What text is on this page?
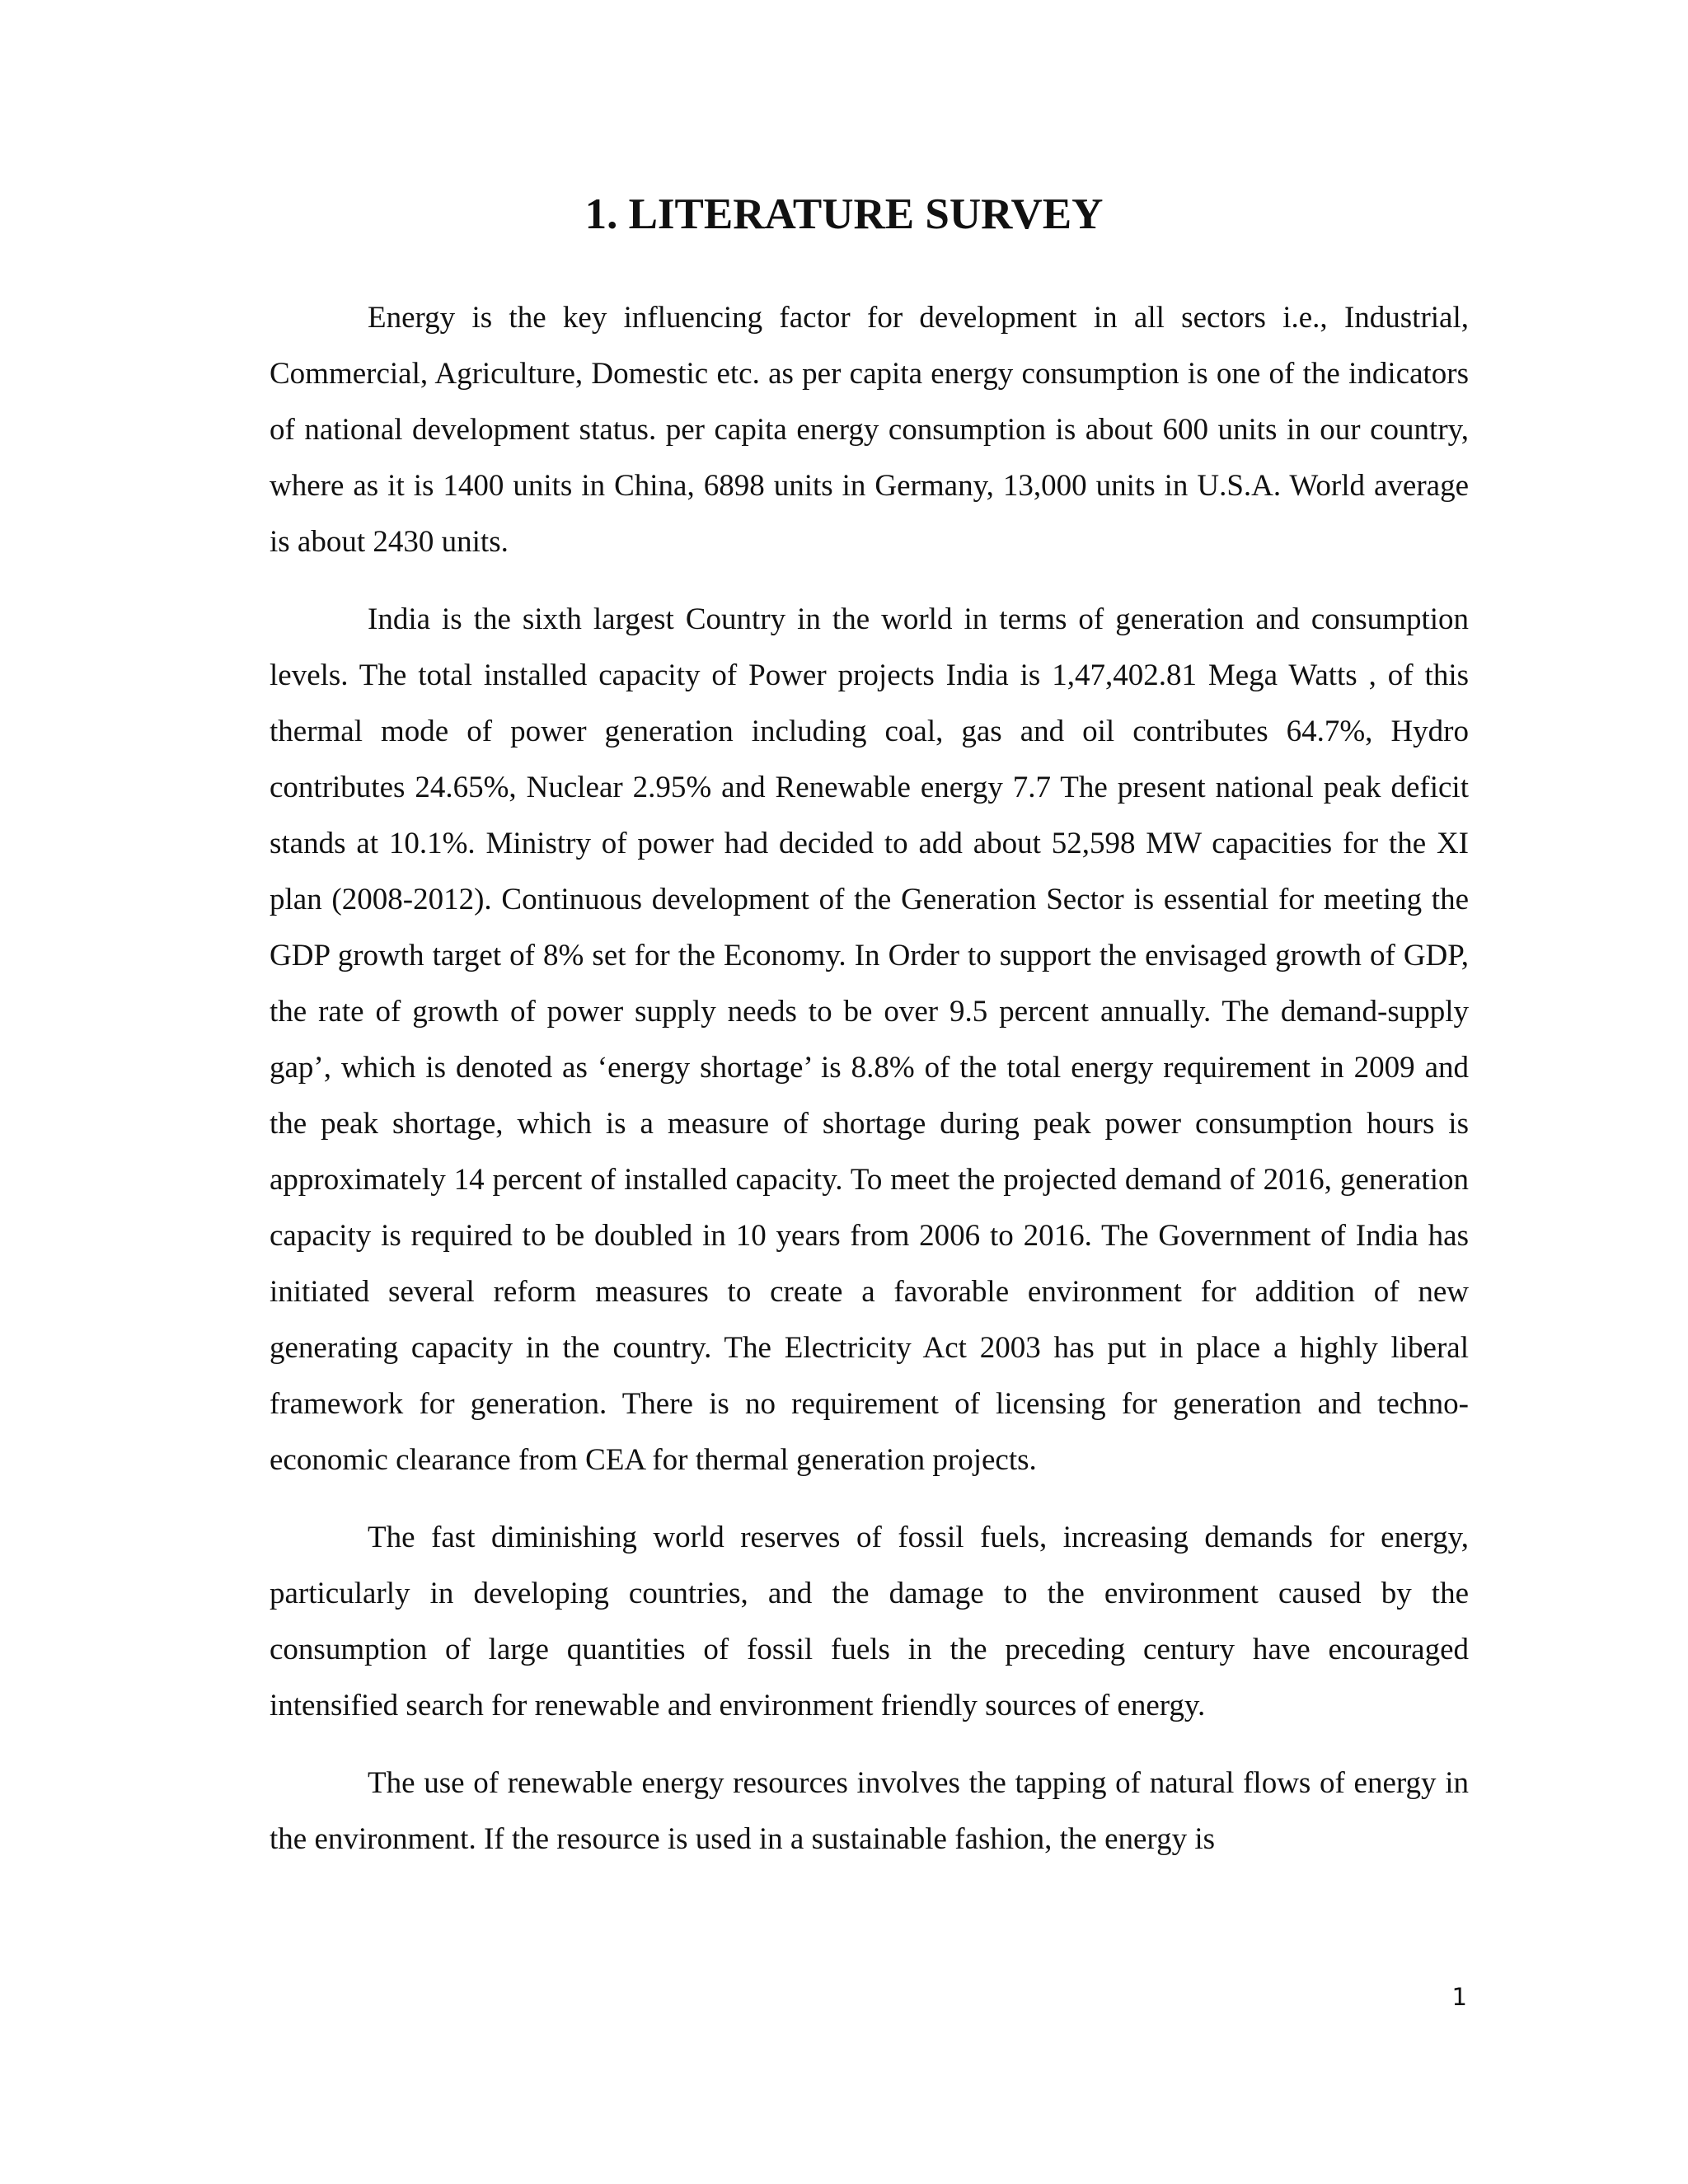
1. LITERATURE SURVEY

Energy is the key influencing factor for development in all sectors i.e., Industrial, Commercial, Agriculture, Domestic etc. as per capita energy consumption is one of the indicators of national development status. per capita energy consumption is about 600 units in our country, where as it is 1400 units in China, 6898 units in Germany, 13,000 units in U.S.A. World average is about 2430 units.

India is the sixth largest Country in the world in terms of generation and consumption levels. The total installed capacity of Power projects India is 1,47,402.81 Mega Watts , of this thermal mode of power generation including coal, gas and oil contributes 64.7%, Hydro contributes 24.65%, Nuclear 2.95% and Renewable energy 7.7 The present national peak deficit stands at 10.1%. Ministry of power had decided to add about 52,598 MW capacities for the XI plan (2008-2012). Continuous development of the Generation Sector is essential for meeting the GDP growth target of 8% set for the Economy. In Order to support the envisaged growth of GDP, the rate of growth of power supply needs to be over 9.5 percent annually. The demand-supply gap’, which is denoted as ‘energy shortage’ is 8.8% of the total energy requirement in 2009 and the peak shortage, which is a measure of shortage during peak power consumption hours is approximately 14 percent of installed capacity. To meet the projected demand of 2016, generation capacity is required to be doubled in 10 years from 2006 to 2016. The Government of India has initiated several reform measures to create a favorable environment for addition of new generating capacity in the country. The Electricity Act 2003 has put in place a highly liberal framework for generation. There is no requirement of licensing for generation and techno-economic clearance from CEA for thermal generation projects.

The fast diminishing world reserves of fossil fuels, increasing demands for energy, particularly in developing countries, and the damage to the environment caused by the consumption of large quantities of fossil fuels in the preceding century have encouraged intensified search for renewable and environment friendly sources of energy.

The use of renewable energy resources involves the tapping of natural flows of energy in the environment. If the resource is used in a sustainable fashion, the energy is

1
